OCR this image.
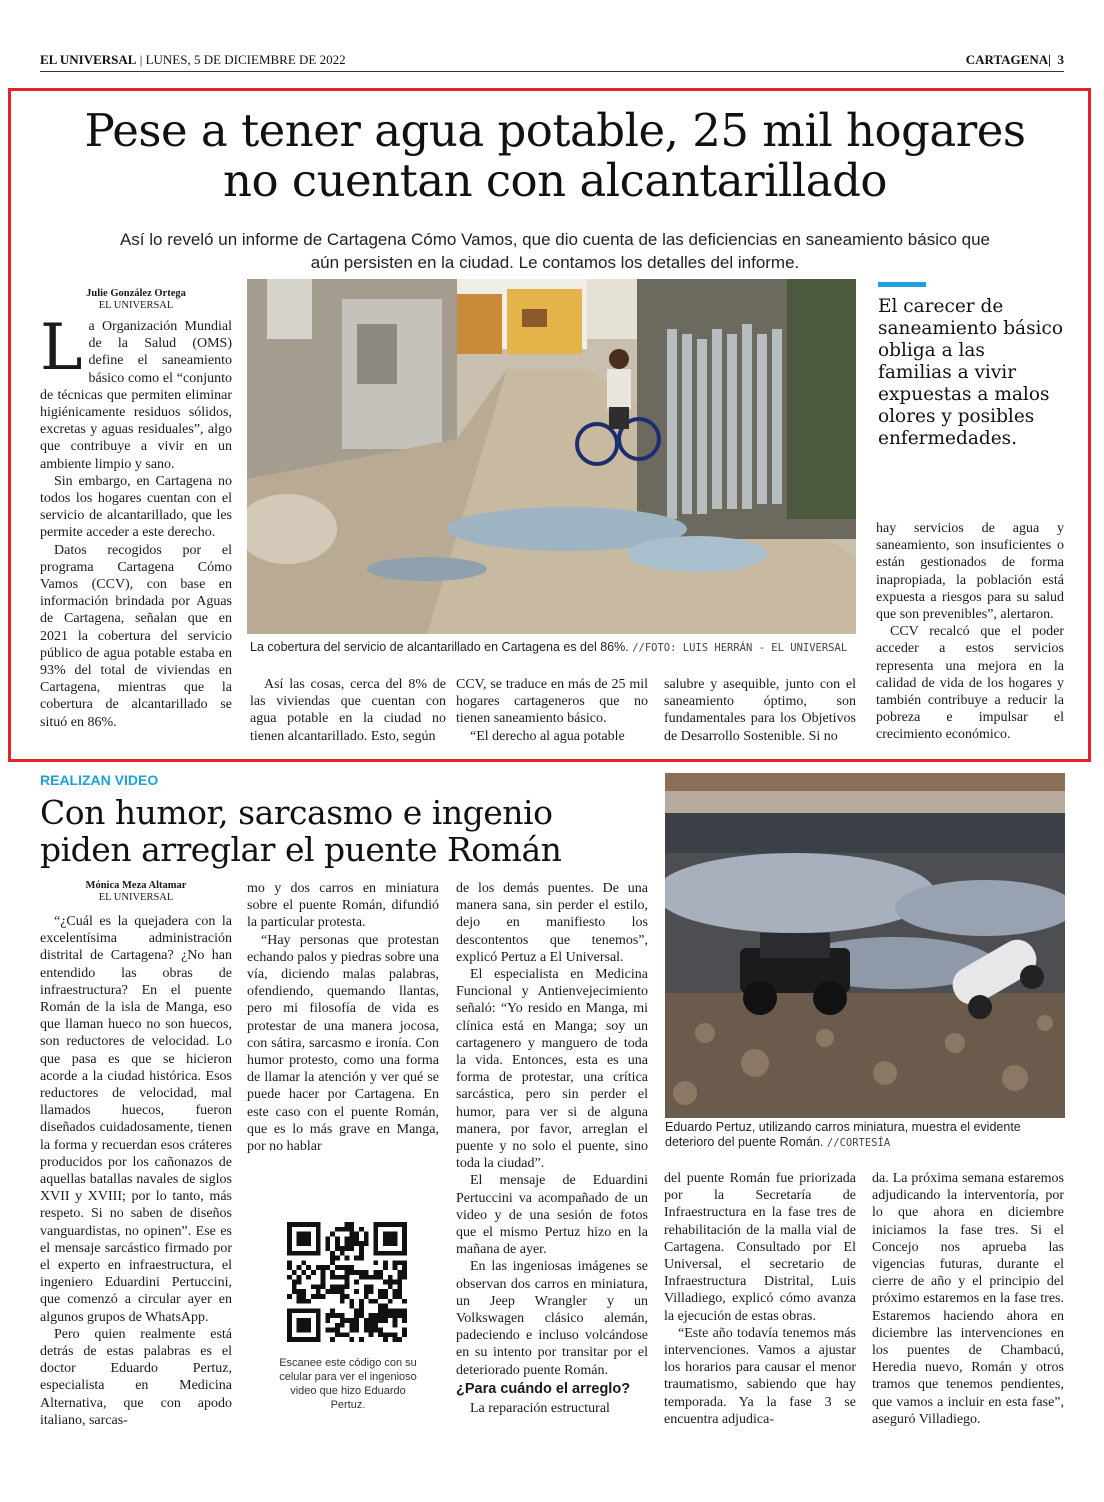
EL UNIVERSAL | LUNES, 5 DE DICIEMBRE DE 2022	CARTAGENA|  3
Pese a tener agua potable, 25 mil hogares no cuentan con alcantarillado
Así lo reveló un informe de Cartagena Cómo Vamos, que dio cuenta de las deficiencias en saneamiento básico que aún persisten en la ciudad. Le contamos los detalles del informe.
Julie González Ortega
EL UNIVERSAL

La Organización Mundial de la Salud (OMS) define el saneamiento básico como el “conjunto de técnicas que permiten eliminar higiénicamente residuos sólidos, excretas y aguas residuales”, algo que contribuye a vivir en un ambiente limpio y sano.

Sin embargo, en Cartagena no todos los hogares cuentan con el servicio de alcantarillado, que les permite acceder a este derecho.

Datos recogidos por el programa Cartagena Cómo Vamos (CCV), con base en información brindada por Aguas de Cartagena, señalan que en 2021 la cobertura del servicio público de agua potable estaba en 93% del total de viviendas en Cartagena, mientras que la cobertura de alcantarillado se situó en 86%.

La cobertura del servicio de alcantarillado en Cartagena es del 86%. //FOTO: LUIS HERRÁN - EL UNIVERSAL

Así las cosas, cerca del 8% de las viviendas que cuentan con agua potable en la ciudad no tienen alcantarillado. Esto, según

CCV, se traduce en más de 25 mil hogares cartageneros que no tienen saneamiento básico.

“El derecho al agua potable

salubre y asequible, junto con el saneamiento óptimo, son fundamentales para los Objetivos de Desarrollo Sostenible. Si no

El carecer de saneamiento básico obliga a las familias a vivir expuestas a malos olores y posibles enfermedades.

hay servicios de agua y saneamiento, son insuficientes o están gestionados de forma inapropiada, la población está expuesta a riesgos para su salud que son prevenibles”, alertaron.

CCV recalcó que el poder acceder a estos servicios representa una mejora en la calidad de vida de los hogares y también contribuye a reducir la pobreza e impulsar el crecimiento económico.

REALIZAN VIDEO
Con humor, sarcasmo e ingenio piden arreglar el puente Román
Mónica Meza Altamar
EL UNIVERSAL

“¿Cuál es la quejadera con la excelentísima administración distrital de Cartagena? ¿No han entendido las obras de infraestructura? En el puente Román de la isla de Manga, eso que llaman hueco no son huecos, son reductores de velocidad. Lo que pasa es que se hicieron acorde a la ciudad histórica. Esos reductores de velocidad, mal llamados huecos, fueron diseñados cuidadosamente, tienen la forma y recuerdan esos cráteres producidos por los cañonazos de aquellas batallas navales de siglos XVII y XVIII; por lo tanto, más respeto. Si no saben de diseños vanguardistas, no opinen”. Ese es el mensaje sarcástico firmado por el experto en infraestructura, el ingeniero Eduardini Pertuccini, que comenzó a circular ayer en algunos grupos de WhatsApp.

Pero quien realmente está detrás de estas palabras es el doctor Eduardo Pertuz, especialista en Medicina Alternativa, que con apodo italiano, sarcas-

mo y dos carros en miniatura sobre el puente Román, difundió la particular protesta.

“Hay personas que protestan echando palos y piedras sobre una vía, diciendo malas palabras, ofendiendo, quemando llantas, pero mi filosofía de vida es protestar de una manera jocosa, con sátira, sarcasmo e ironía. Con humor protesto, como una forma de llamar la atención y ver qué se puede hacer por Cartagena. En este caso con el puente Román, que es lo más grave en Manga, por no hablar

Escanee este código con su celular para ver el ingenioso video que hizo Eduardo Pertuz.

de los demás puentes. De una manera sana, sin perder el estilo, dejo en manifiesto los descontentos que tenemos”, explicó Pertuz a El Universal.

El especialista en Medicina Funcional y Antienvejecimiento señaló: “Yo resido en Manga, mi clínica está en Manga; soy un cartagenero y manguero de toda la vida. Entonces, esta es una forma de protestar, una crítica sarcástica, pero sin perder el humor, para ver si de alguna manera, por favor, arreglan el puente y no solo el puente, sino toda la ciudad”.

El mensaje de Eduardini Pertuccini va acompañado de un video y de una sesión de fotos que el mismo Pertuz hizo en la mañana de ayer.

En las ingeniosas imágenes se observan dos carros en miniatura, un Jeep Wrangler y un Volkswagen clásico alemán, padeciendo e incluso volcándose en su intento por transitar por el deteriorado puente Román.

¿Para cuándo el arreglo?

La reparación estructural

Eduardo Pertuz, utilizando carros miniatura, muestra el evidente deterioro del puente Román. //CORTESÍA

del puente Román fue priorizada por la Secretaría de Infraestructura en la fase tres de rehabilitación de la malla vial de Cartagena. Consultado por El Universal, el secretario de Infraestructura Distrital, Luis Villadiego, explicó cómo avanza la ejecución de estas obras.

“Este año todavía tenemos más intervenciones. Vamos a ajustar los horarios para causar el menor traumatismo, sabiendo que hay temporada. Ya la fase 3 se encuentra adjudica-

da. La próxima semana estaremos adjudicando la interventoría, por lo que ahora en diciembre iniciamos la fase tres. Si el Concejo nos aprueba las vigencias futuras, durante el cierre de año y el principio del próximo estaremos en la fase tres. Estaremos haciendo ahora en diciembre las intervenciones en los puentes de Chambacú, Heredia nuevo, Román y otros tramos que tenemos pendientes, que vamos a incluir en esta fase”, aseguró Villadiego.
